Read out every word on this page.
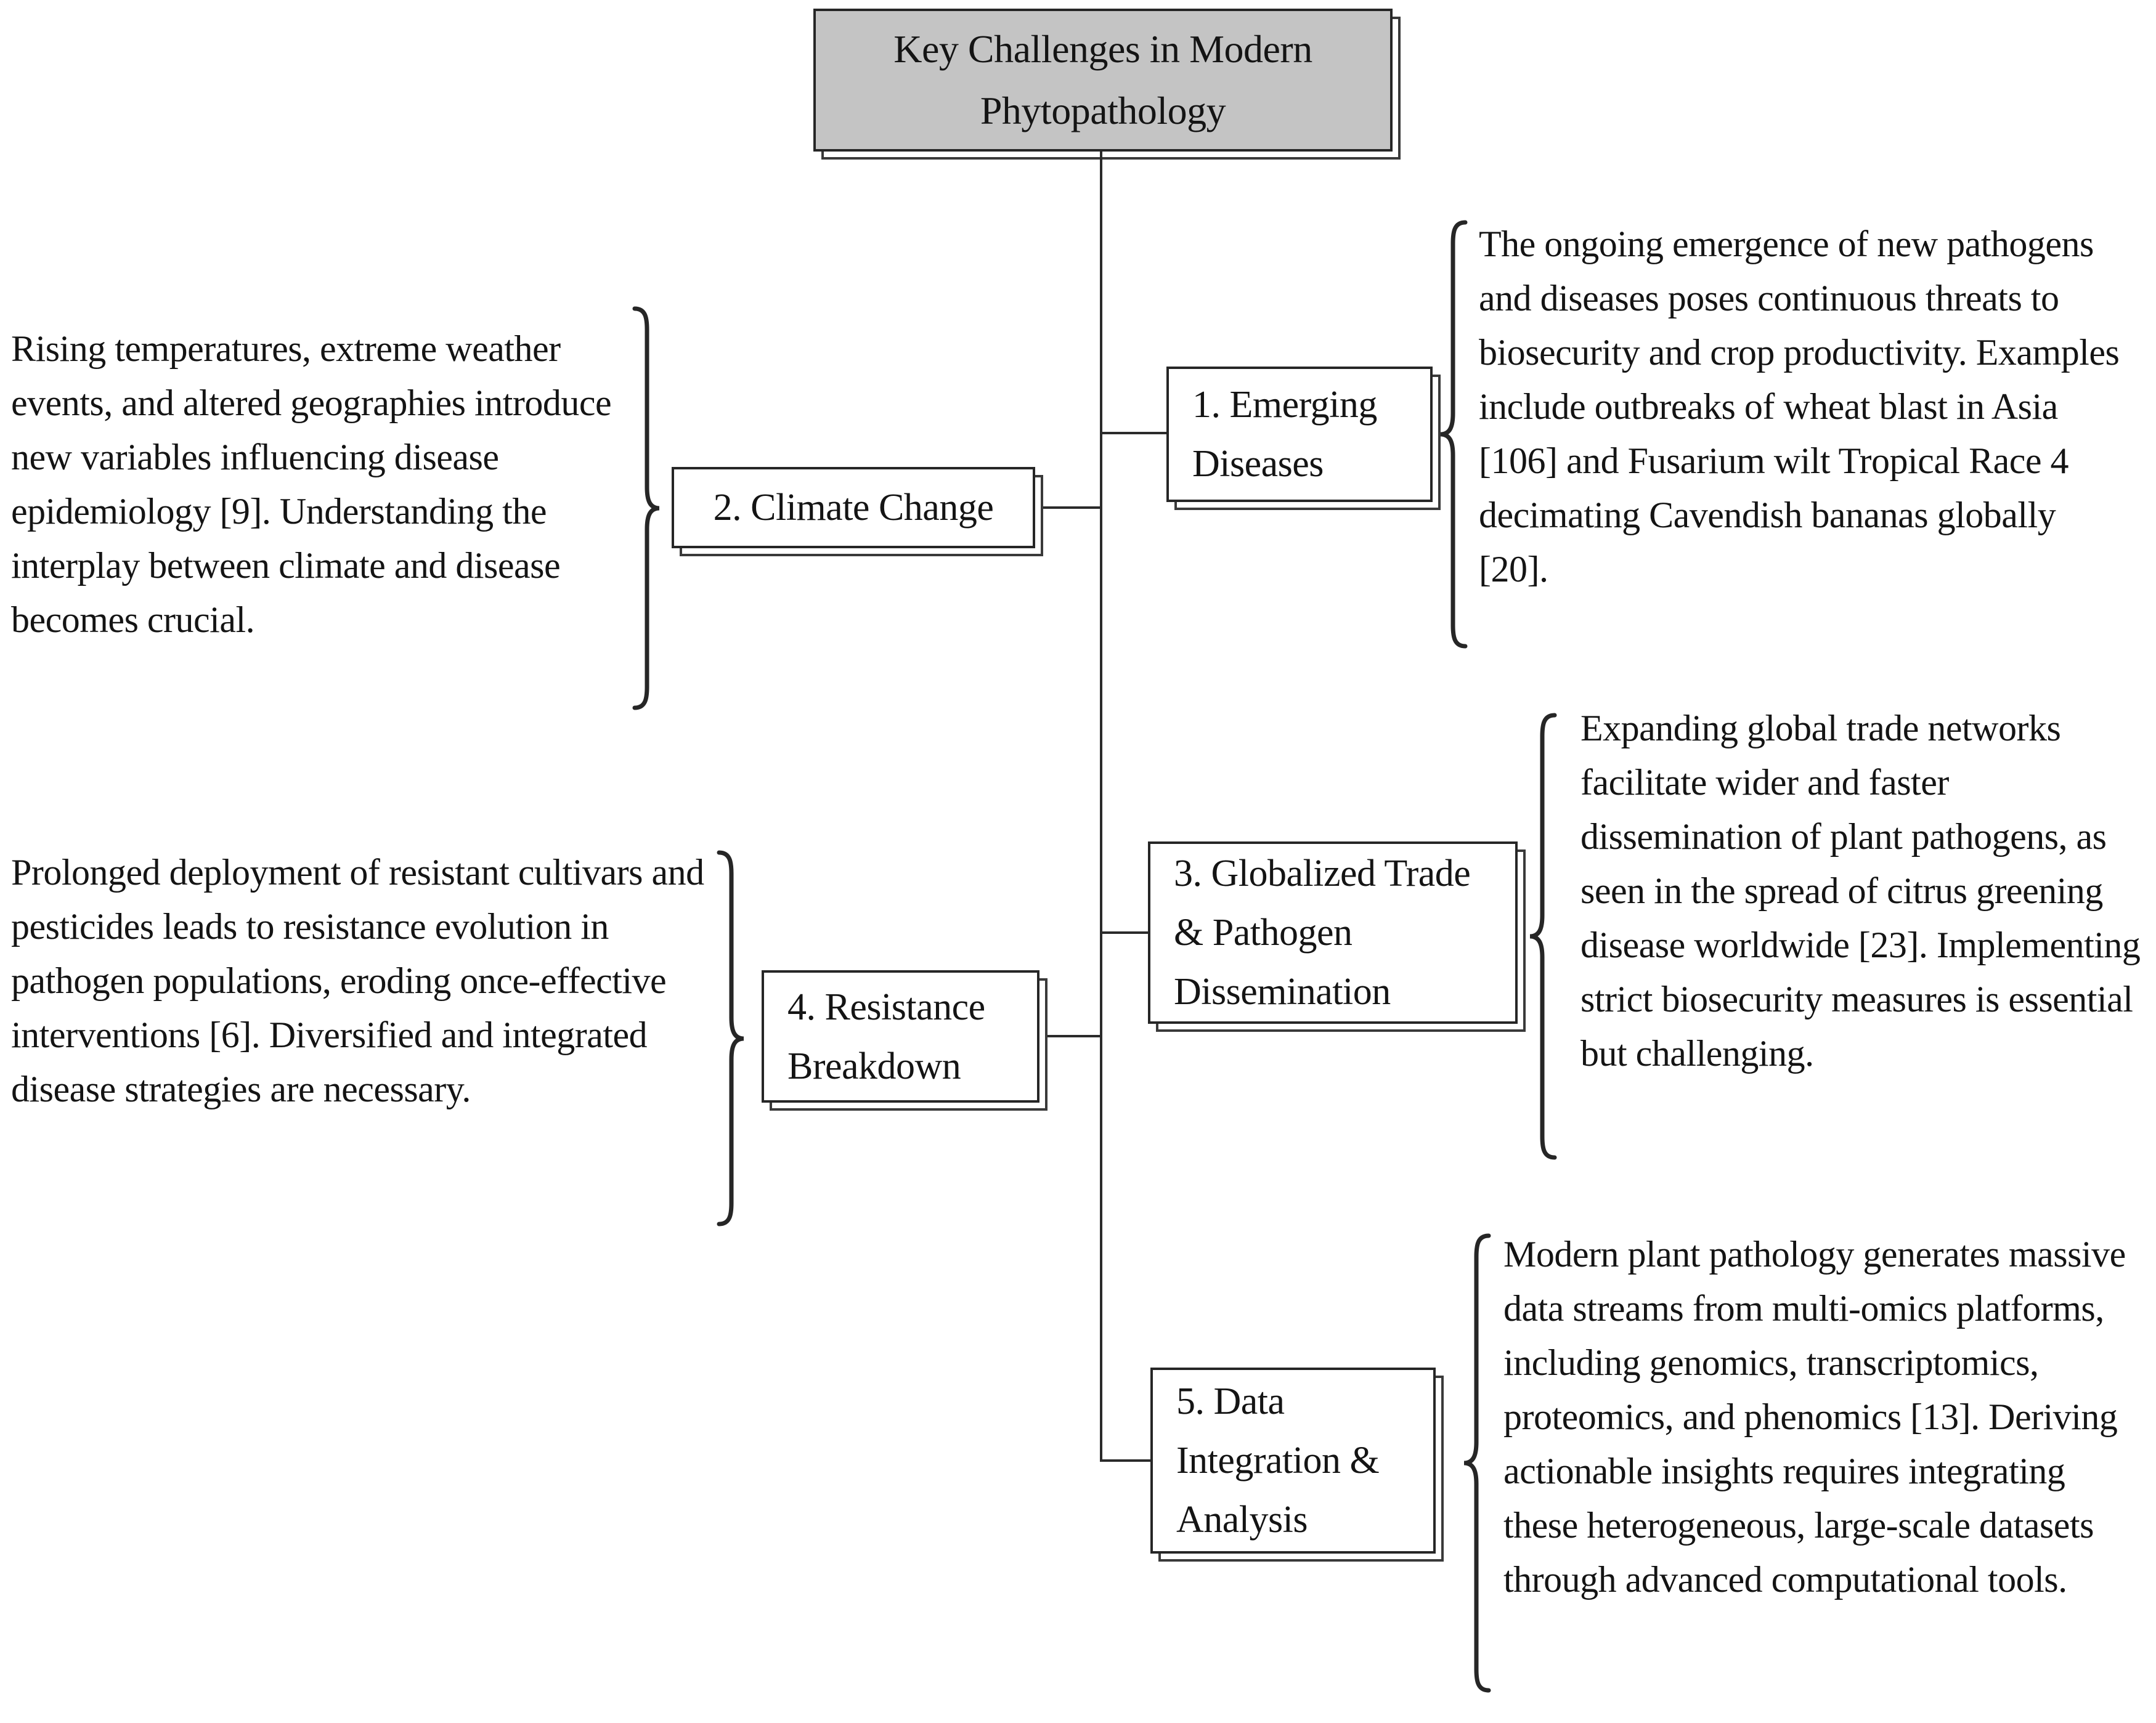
Key Challenges in Modern Phytopathology
1. Emerging Diseases
2. Climate Change
3. Globalized Trade & Pathogen Dissemination
4. Resistance Breakdown
5. Data Integration & Analysis
The ongoing emergence of new pathogens and diseases poses continuous threats to biosecurity and crop productivity. Examples include outbreaks of wheat blast in Asia [106] and Fusarium wilt Tropical Race 4 decimating Cavendish bananas globally [20].
Rising temperatures, extreme weather events, and altered geographies introduce new variables influencing disease epidemiology [9]. Understanding the interplay between climate and disease becomes crucial.
Expanding global trade networks facilitate wider and faster dissemination of plant pathogens, as seen in the spread of citrus greening disease worldwide [23]. Implementing strict biosecurity measures is essential but challenging.
Prolonged deployment of resistant cultivars and pesticides leads to resistance evolution in pathogen populations, eroding once-effective interventions [6]. Diversified and integrated disease strategies are necessary.
Modern plant pathology generates massive data streams from multi-omics platforms, including genomics, transcriptomics, proteomics, and phenomics [13]. Deriving actionable insights requires integrating these heterogeneous, large-scale datasets through advanced computational tools.
